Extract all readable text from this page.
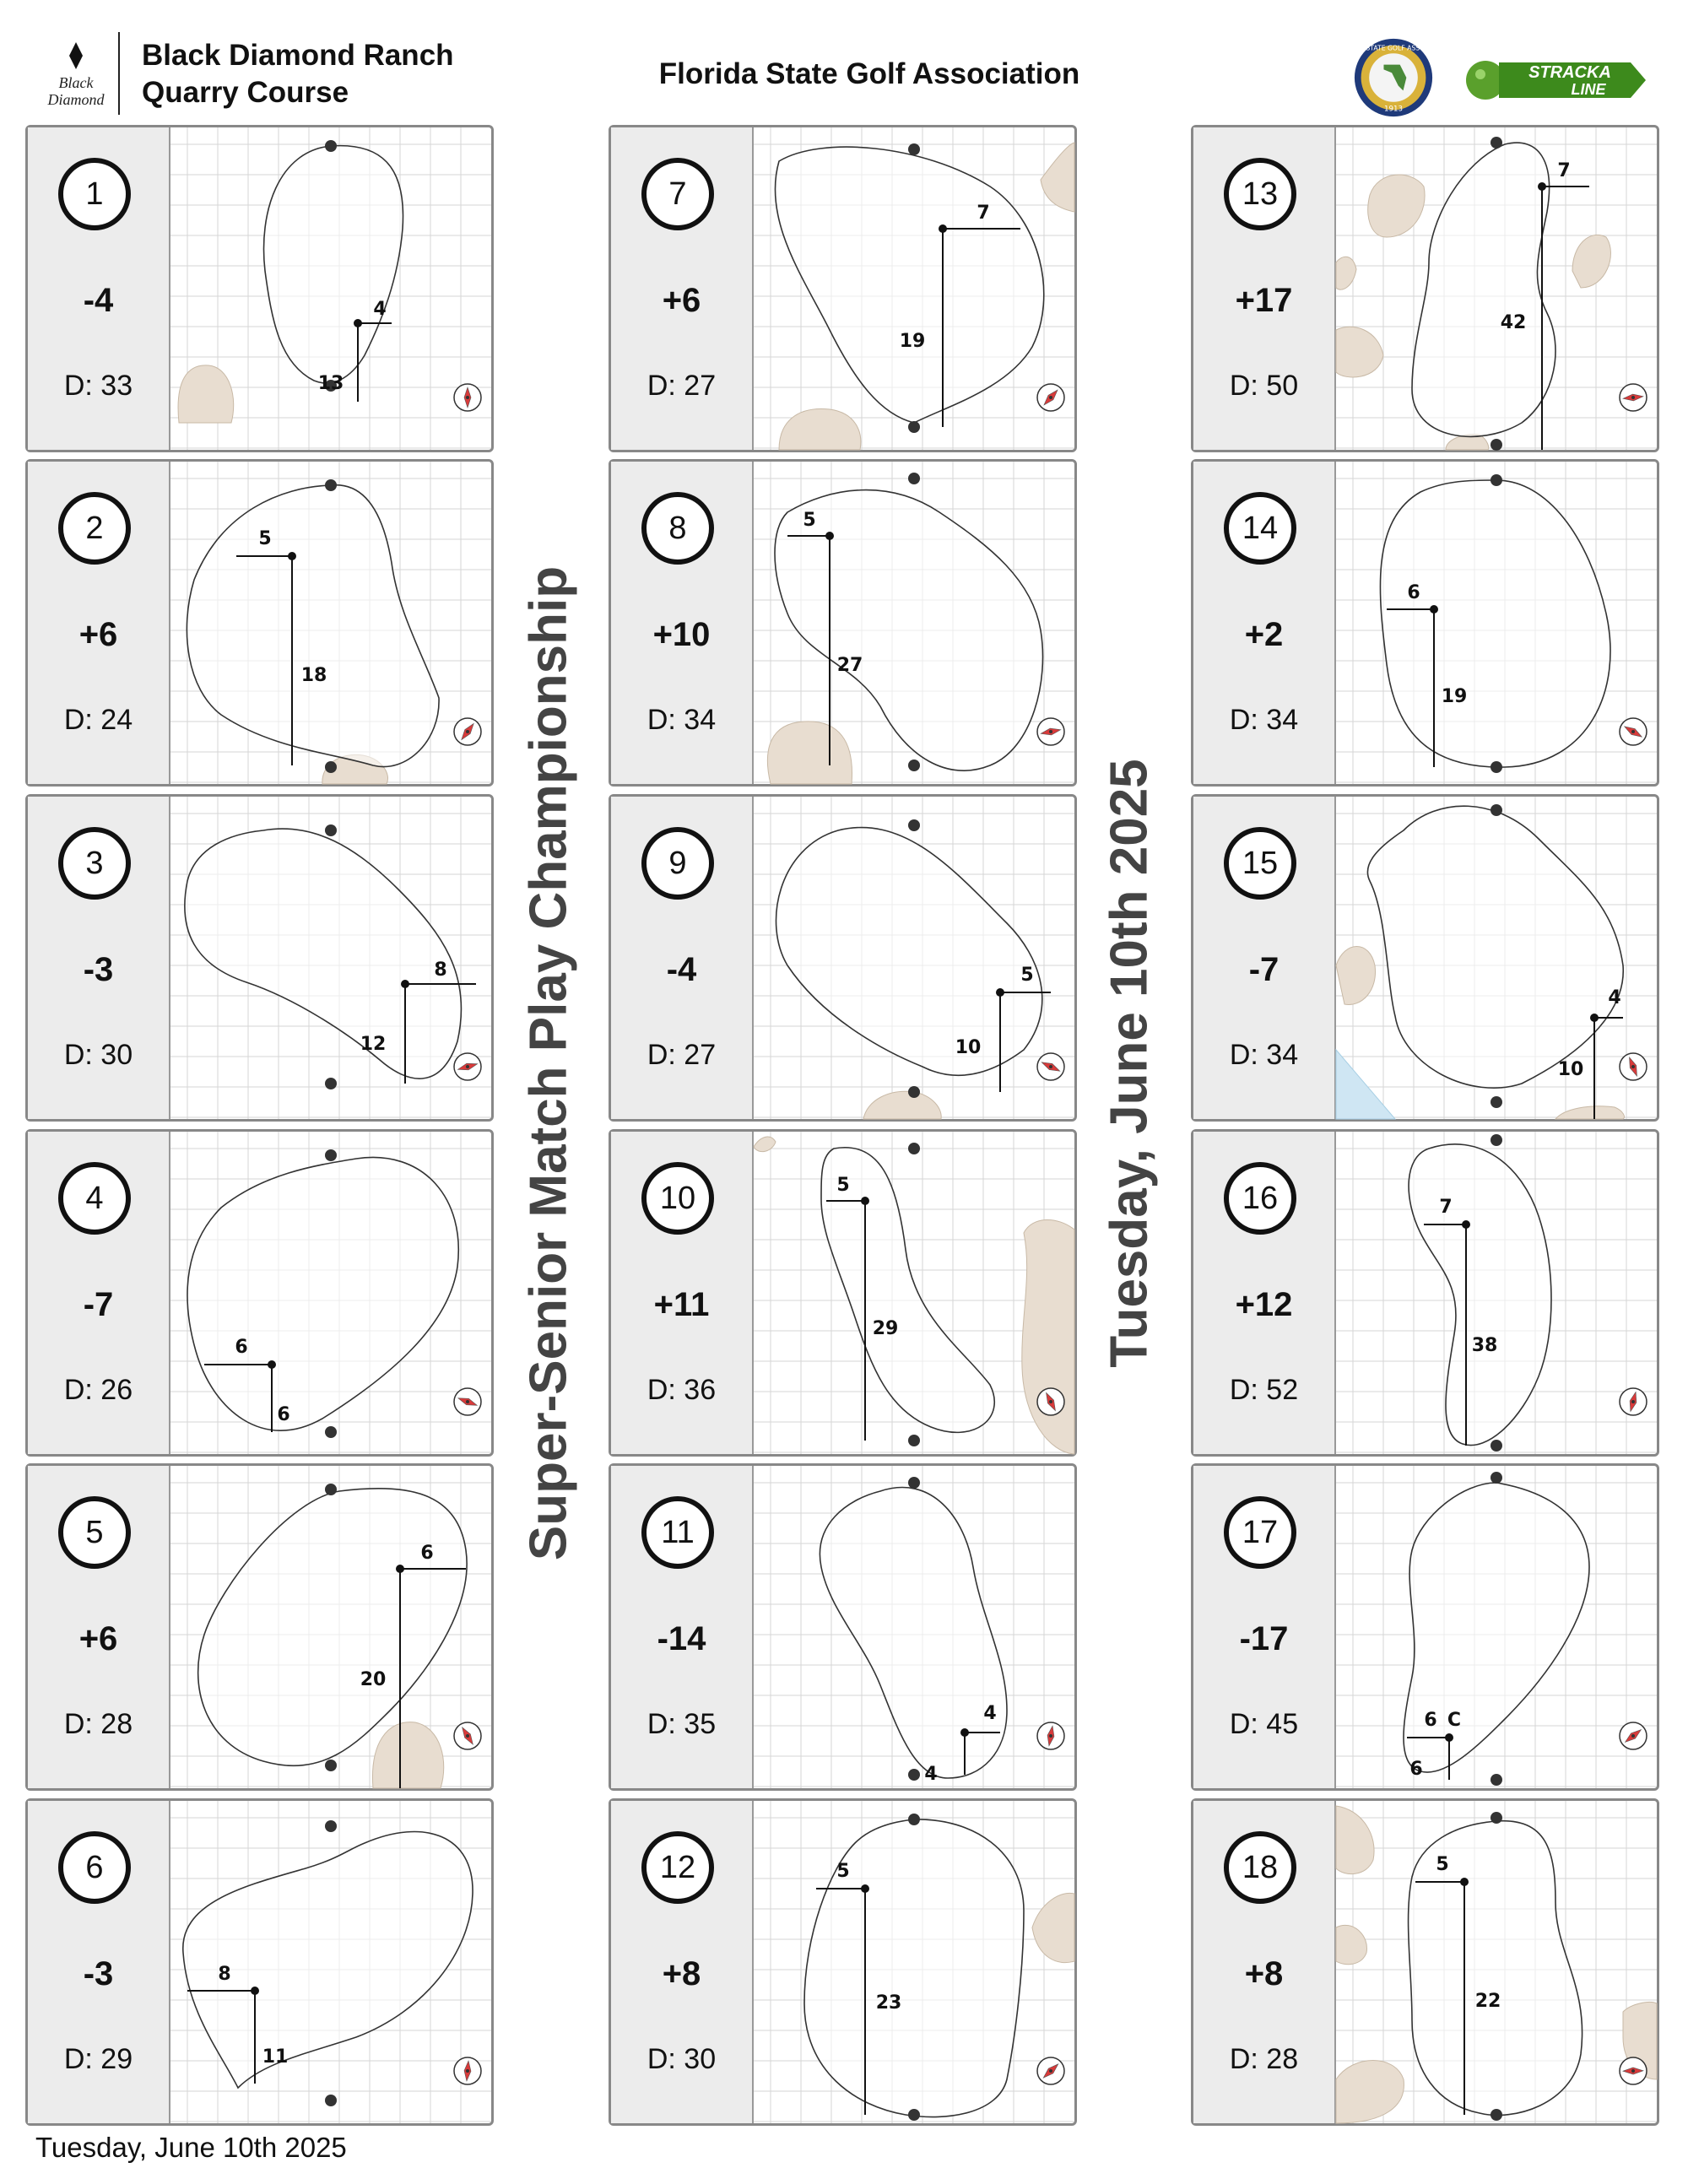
Black
Diamond
Black Diamond Ranch
Quarry Course
Florida State Golf Association
FLORIDA STATE GOLF ASSOCIATION
1913
STRACKA
LINE
Super-Senior Match Play Championship	Tuesday, June 10th 2025
1
-4
D: 33
4
13
2
+6
D: 24
5
18
3
-3
D: 30
8
12
4
-7
D: 26
6
6
5
+6
D: 28
6
20
6
-3
D: 29
8
11
7
+6
D: 27
7
19
8
+10
D: 34
5
27
9
-4
D: 27
5
10
10
+11
D: 36
5
29
11
-14
D: 35	4
4
12
+8
D: 30
5
23
13
+17
D: 50
7
42
14
+2
D: 34
6
19
15
-7
D: 34
4
10
16
+12
D: 52
7
38
17
-17
D: 45	6
6
C
18
+8
D: 28
5
22
Tuesday, June 10th 2025
